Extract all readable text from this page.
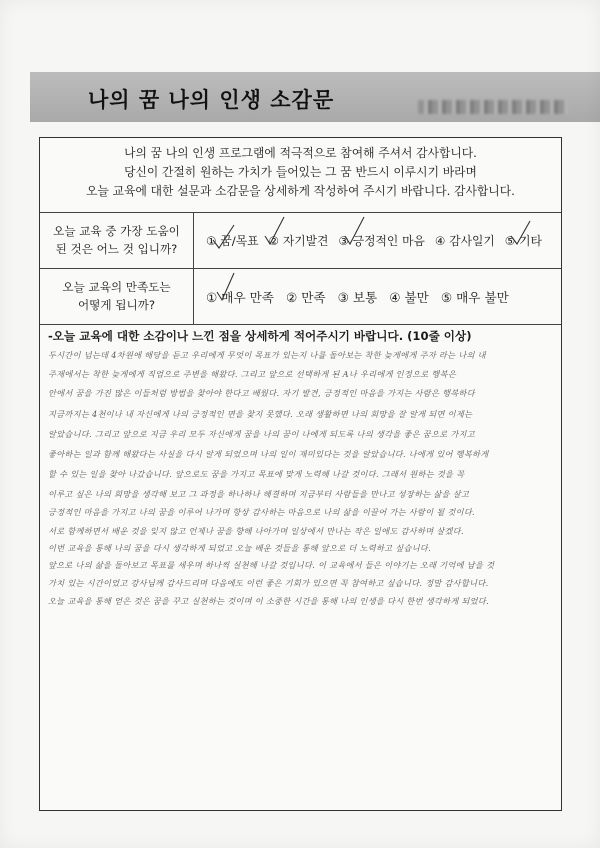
나의 꿈 나의 인생 소감문
나의 꿈 나의 인생 프로그램에 적극적으로 참여해 주셔서 감사합니다.
당신이 간절히 원하는 가치가 들어있는 그 꿈 반드시 이루시기 바라며
오늘 교육에 대한 설문과 소감문을 상세하게 작성하여 주시기 바랍니다. 감사합니다.
오늘 교육 중 가장 도움이
된 것은 어느 것 입니까?
① 꿈/목표 ② 자기발견 ③ 긍정적인 마음 ④ 감사일기 ⑤ 기타
오늘 교육의 만족도는
어떻게 됩니까?
① 매우 만족 ② 만족 ③ 보통 ④ 불만 ⑤ 매우 불만
-오늘 교육에 대한 소감이나 느낀 점을 상세하게 적어주시기 바랍니다. (10줄 이상)
두시간이 넘는데 4차원에 해당을 듣고 우리에게 무엇이 목표가 있는지 나를 돌아보는 착한 늦게에게 주자 라는 나의 내
주제에서는 착한 늦게에게 직업으로 주변을 해왔다. 그리고 앞으로 선택하게 된 A나 우리에게 인정으로 행복은
안에서 꿈을 가진 많은 이들처럼 방법을 찾아야 한다고 배웠다. 자기 발견, 긍정적인 마음을 가지는 사람은 행복하다
지금까지는 4천이나 내 자신에게 나의 긍정적인 면을 찾지 못했다. 오래 생활하면 나의 희망을 잘 알게 되면 이제는
알았습니다. 그리고 앞으로 지금 우리 모두 자신에게 꿈을 나의 꿈이 나에게 되도록 나의 생각을 좋은 꿈으로 가지고
좋아하는 일과 함께 해왔다는 사실을 다시 알게 되었으며 나의 일이 재미있다는 것을 알았습니다. 나에게 있어 행복하게
할 수 있는 일을 찾아 나갔습니다. 앞으로도 꿈을 가지고 목표에 맞게 노력해 나갈 것이다. 그래서 원하는 것을 꼭
이루고 싶은 나의 희망을 생각해 보고 그 과정을 하나하나 해결하며 지금부터 사람들을 만나고 성장하는 삶을 살고
긍정적인 마음을 가지고 나의 꿈을 이루어 나가며 항상 감사하는 마음으로 나의 삶을 이끌어 가는 사람이 될 것이다.
서로 함께하면서 배운 것을 잊지 않고 언제나 꿈을 향해 나아가며 일상에서 만나는 작은 일에도 감사하며 살겠다.
이번 교육을 통해 나의 꿈을 다시 생각하게 되었고 오늘 배운 것들을 통해 앞으로 더 노력하고 싶습니다.
앞으로 나의 삶을 돌아보고 목표를 세우며 하나씩 실천해 나갈 것입니다. 이 교육에서 들은 이야기는 오래 기억에 남을 것
가치 있는 시간이었고 강사님께 감사드리며 다음에도 이런 좋은 기회가 있으면 꼭 참여하고 싶습니다. 정말 감사합니다.
오늘 교육을 통해 얻은 것은 꿈을 꾸고 실천하는 것이며 이 소중한 시간을 통해 나의 인생을 다시 한번 생각하게 되었다.
